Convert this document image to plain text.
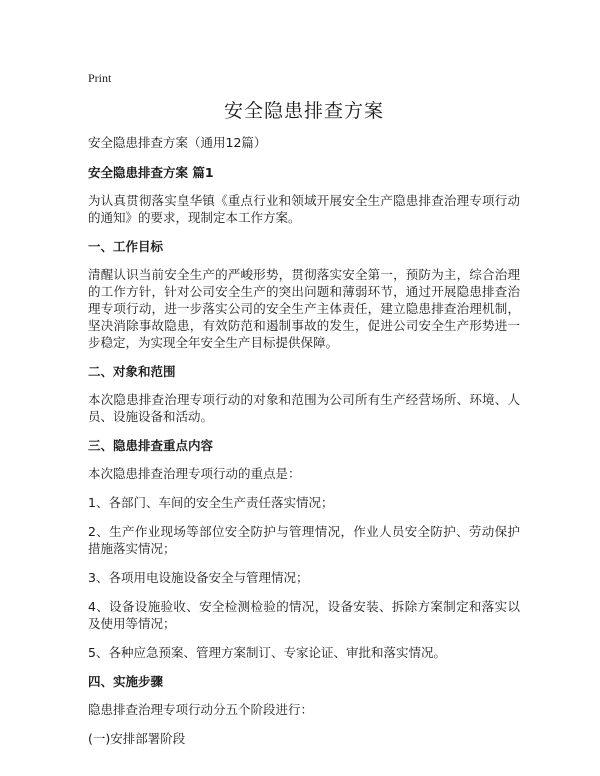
Print
安全隐患排查方案

安全隐患排查方案（通用12篇）

安全隐患排查方案 篇1

为认真贯彻落实皇华镇《重点行业和领域开展安全生产隐患排查治理专项行动的通知》的要求，现制定本工作方案。

一、工作目标

清醒认识当前安全生产的严峻形势，贯彻落实安全第一，预防为主，综合治理的工作方针，针对公司安全生产的突出问题和薄弱环节，通过开展隐患排查治理专项行动，进一步落实公司的安全生产主体责任，建立隐患排查治理机制，坚决消除事故隐患，有效防范和遏制事故的发生，促进公司安全生产形势进一步稳定，为实现全年安全生产目标提供保障。

二、对象和范围

本次隐患排查治理专项行动的对象和范围为公司所有生产经营场所、环境、人员、设施设备和活动。

三、隐患排查重点内容

本次隐患排查治理专项行动的重点是：

1、各部门、车间的安全生产责任落实情况；

2、生产作业现场等部位安全防护与管理情况，作业人员安全防护、劳动保护措施落实情况；

3、各项用电设施设备安全与管理情况；

4、设备设施验收、安全检测检验的情况，设备安装、拆除方案制定和落实以及使用等情况；

5、各种应急预案、管理方案制订、专家论证、审批和落实情况。

四、实施步骤

隐患排查治理专项行动分五个阶段进行：

(一)安排部署阶段
